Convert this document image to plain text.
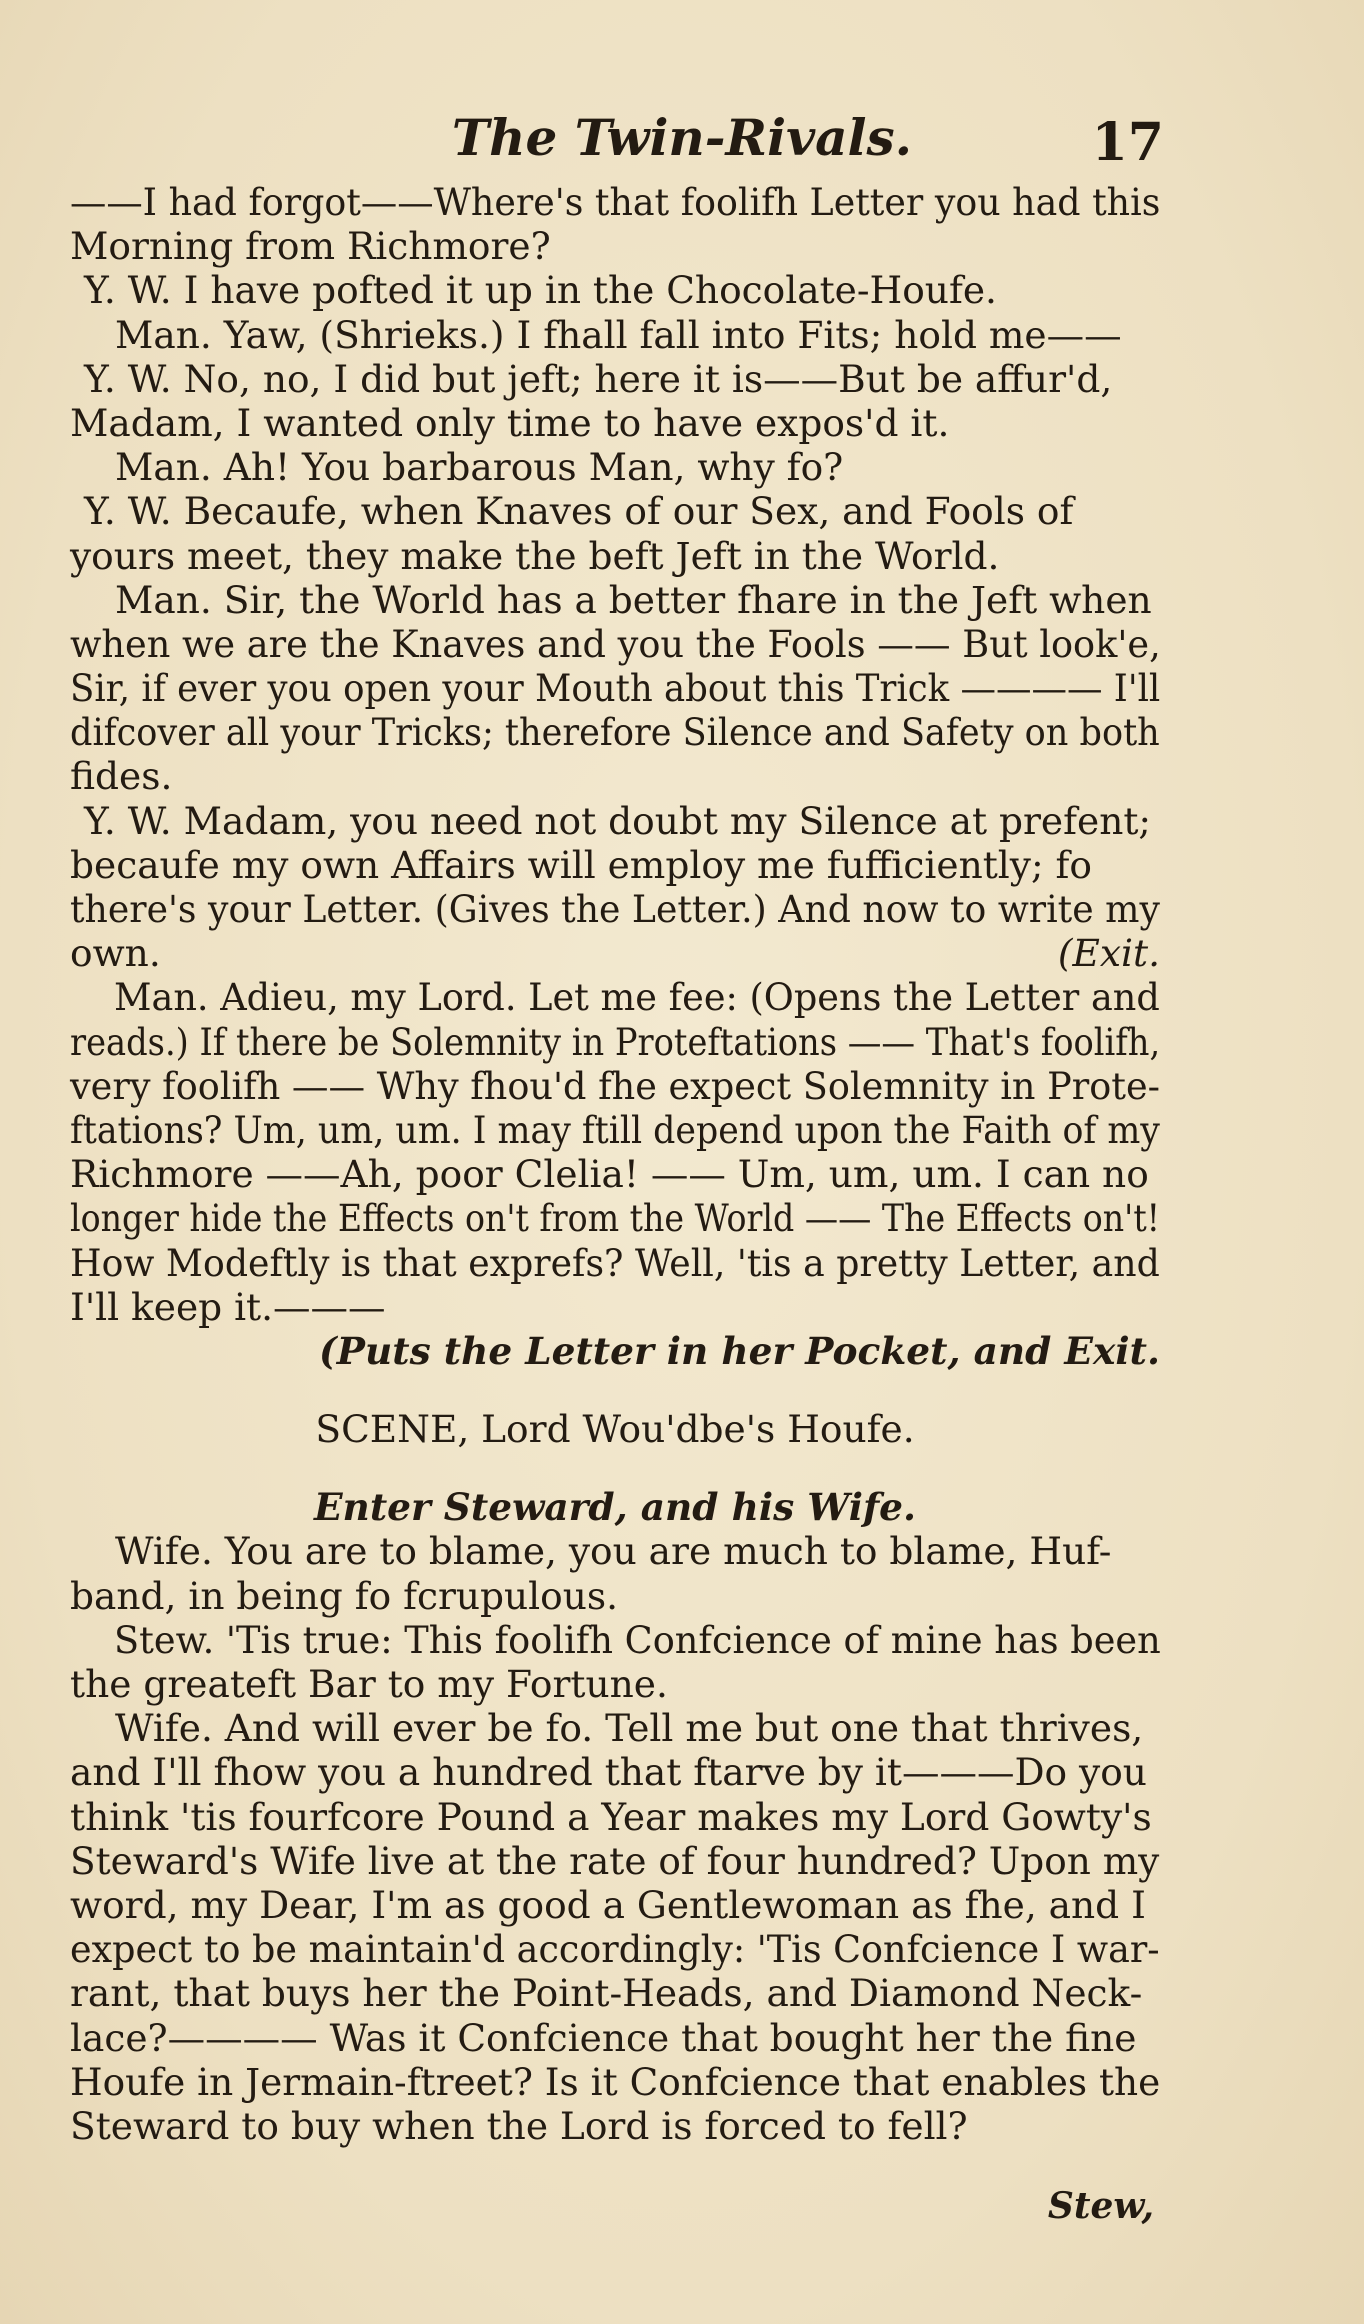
The Twin-Rivals.	17
——I had forgot——Where's that foolifh Letter you had this
Morning from Richmore?
Y. W. I have pofted it up in the Chocolate-Houfe.
Man. Yaw, (Shrieks.) I fhall fall into Fits; hold me——
Y. W. No, no, I did but jeft; here it is——But be affur'd,
Madam, I wanted only time to have expos'd it.
Man. Ah! You barbarous Man, why fo?
Y. W. Becaufe, when Knaves of our Sex, and Fools of
yours meet, they make the beft Jeft in the World.
Man. Sir, the World has a better fhare in the Jeft when
when we are the Knaves and you the Fools —— But look'e,
Sir, if ever you open your Mouth about this Trick ———— I'll
difcover all your Tricks; therefore Silence and Safety on both
fides.
Y. W. Madam, you need not doubt my Silence at prefent;
becaufe my own Affairs will employ me fufficiently; fo
there's your Letter. (Gives the Letter.) And now to write my
own.	(Exit.
Man. Adieu, my Lord. Let me fee: (Opens the Letter and
reads.) If there be Solemnity in Proteftations —— That's foolifh,
very foolifh —— Why fhou'd fhe expect Solemnity in Prote-
ftations? Um, um, um. I may ftill depend upon the Faith of my
Richmore ——Ah, poor Clelia! —— Um, um, um. I can no
longer hide the Effects on't from the World —— The Effects on't!
How Modeftly is that exprefs? Well, 'tis a pretty Letter, and
I'll keep it.———
(Puts the Letter in her Pocket, and Exit.
SCENE, Lord Wou'dbe's Houfe.
Enter Steward, and his Wife.
Wife. You are to blame, you are much to blame, Huf-
band, in being fo fcrupulous.
Stew. 'Tis true: This foolifh Confcience of mine has been
the greateft Bar to my Fortune.
Wife. And will ever be fo. Tell me but one that thrives,
and I'll fhow you a hundred that ftarve by it———Do you
think 'tis fourfcore Pound a Year makes my Lord Gowty's
Steward's Wife live at the rate of four hundred? Upon my
word, my Dear, I'm as good a Gentlewoman as fhe, and I
expect to be maintain'd accordingly: 'Tis Confcience I war-
rant, that buys her the Point-Heads, and Diamond Neck-
lace?———— Was it Confcience that bought her the fine
Houfe in Jermain-ftreet? Is it Confcience that enables the
Steward to buy when the Lord is forced to fell?
Stew,
